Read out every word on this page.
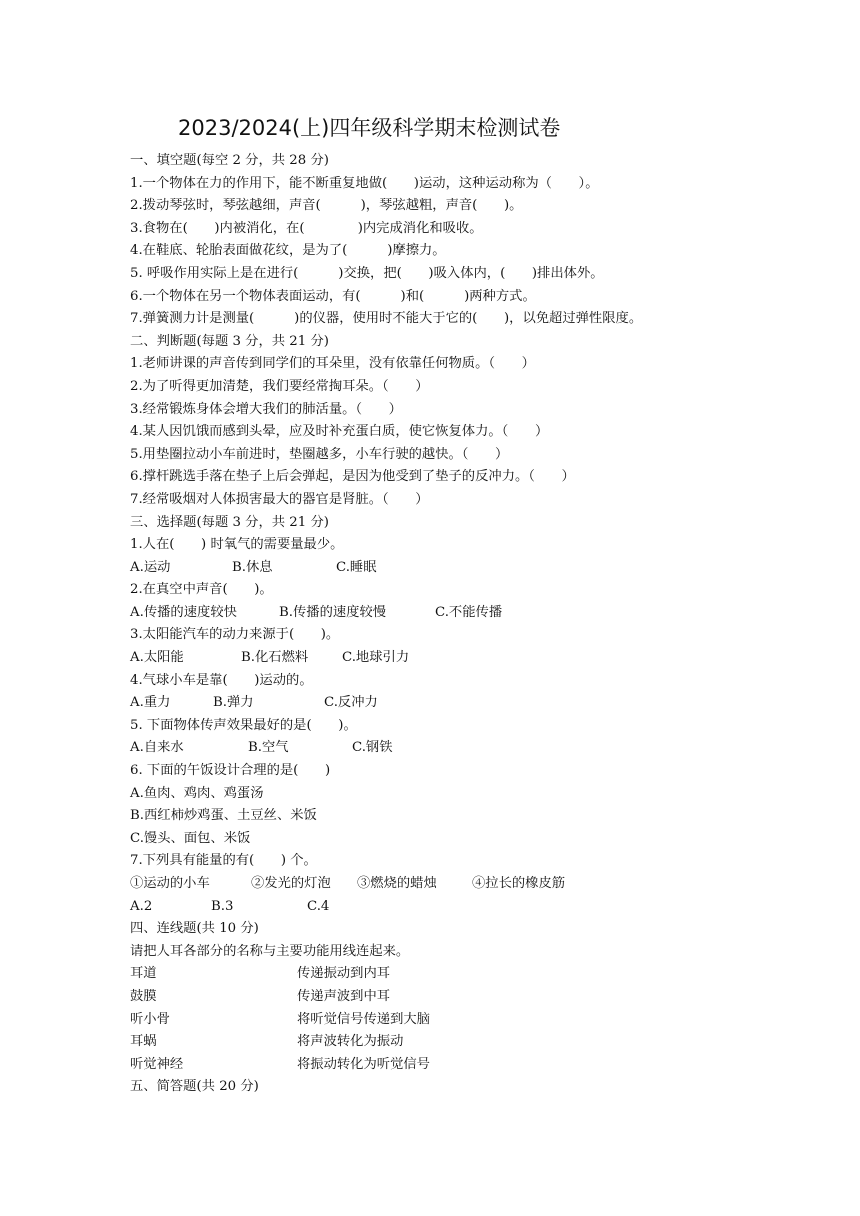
2023/2024(上)四年级科学期末检测试卷
一、填空题(每空 2 分，共 28 分)
1.一个物体在力的作用下，能不断重复地做(　　)运动，这种运动称为（　　）。
2.拨动琴弦时，琴弦越细，声音(　　　)，琴弦越粗，声音(　　)。
3.食物在(　　)内被消化，在(　　　　)内完成消化和吸收。
4.在鞋底、轮胎表面做花纹，是为了(　　　)摩擦力。
5. 呼吸作用实际上是在进行(　　　)交换，把(　　)吸入体内，(　　)排出体外。
6.一个物体在另一个物体表面运动，有(　　　)和(　　　)两种方式。
7.弹簧测力计是测量(　　　)的仪器，使用时不能大于它的(　　)，以免超过弹性限度。
二、判断题(每题 3 分，共 21 分)
1.老师讲课的声音传到同学们的耳朵里，没有依靠任何物质。（　　）
2.为了听得更加清楚，我们要经常掏耳朵。（　　）
3.经常锻炼身体会增大我们的肺活量。（　　）
4.某人因饥饿而感到头晕，应及时补充蛋白质，使它恢复体力。（　　）
5.用垫圈拉动小车前进时，垫圈越多，小车行驶的越快。（　　）
6.撑杆跳选手落在垫子上后会弹起，是因为他受到了垫子的反冲力。（　　）
7.经常吸烟对人体损害最大的器官是肾脏。（　　）
三、选择题(每题 3 分，共 21 分)
1.人在(　　) 时氧气的需要量最少。
A.运动	B.休息	C.睡眠
2.在真空中声音(　　)。
A.传播的速度较快	B.传播的速度较慢	C.不能传播
3.太阳能汽车的动力来源于(　　)。
A.太阳能	B.化石燃料	C.地球引力
4.气球小车是靠(　　)运动的。
A.重力	B.弹力	C.反冲力
5. 下面物体传声效果最好的是(　　)。
A.自来水	B.空气	C.钢铁
6. 下面的午饭设计合理的是(　　)
A.鱼肉、鸡肉、鸡蛋汤
B.西红柿炒鸡蛋、土豆丝、米饭
C.馒头、面包、米饭
7.下列具有能量的有(　　) 个。
①运动的小车	②发光的灯泡 ③燃烧的蜡烛	④拉长的橡皮筋
A.2	B.3	C.4
四、连线题(共 10 分)
请把人耳各部分的名称与主要功能用线连起来。
耳道	传递振动到内耳
鼓膜	传递声波到中耳
听小骨	将听觉信号传递到大脑
耳蜗	将声波转化为振动
听觉神经	将振动转化为听觉信号
五、简答题(共 20 分)
